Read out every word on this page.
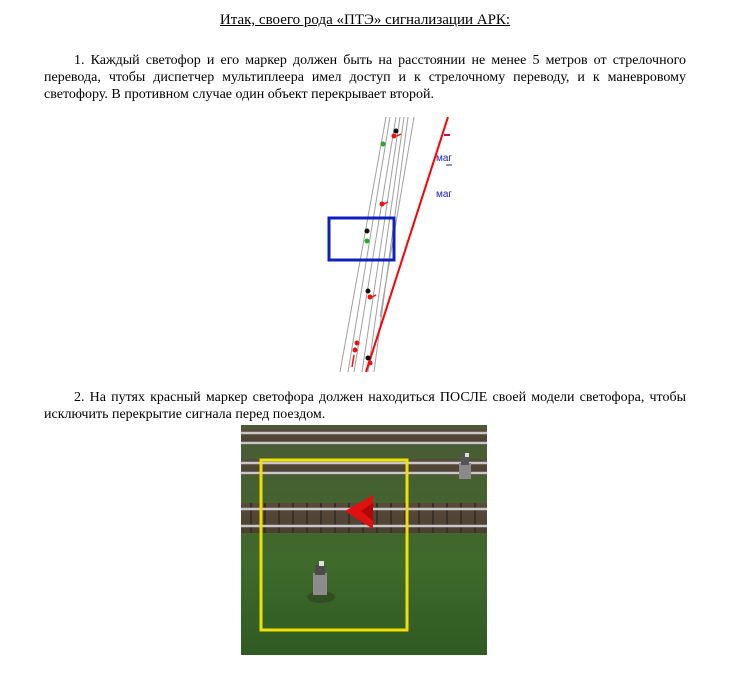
Итак, своего рода «ПТЭ» сигнализации АРК:

1. Каждый светофор и его маркер должен быть на расстоянии не менее 5 метров от стрелочного перевода, чтобы диспетчер мультиплеера имел доступ и к стрелочному переводу, и к маневровому светофору. В противном случае один объект перекрывает второй.

маг
маг

2. На путях красный маркер светофора должен находиться ПОСЛЕ своей модели светофора, чтобы исключить перекрытие сигнала перед поездом.
